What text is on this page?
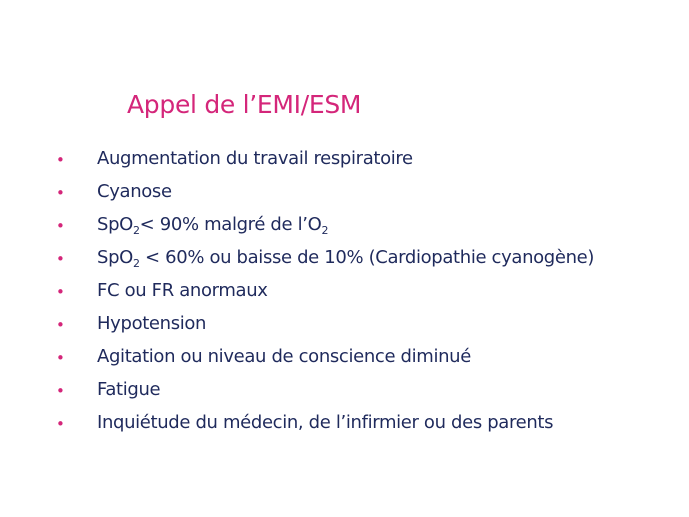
Appel de l’EMI/ESM
• Augmentation du travail respiratoire
• Cyanose
• SpO$_2$< 90% malgré de $l’O_2$
• SpO$_2$ < 60% ou baisse de 10% (Cardiopathie cyanogène)
• FC ou FR anormaux
• Hypotension
• Agitation ou niveau de conscience diminué
• Fatigue
• Inquiétude du médecin, de l’infirmier ou des parents
